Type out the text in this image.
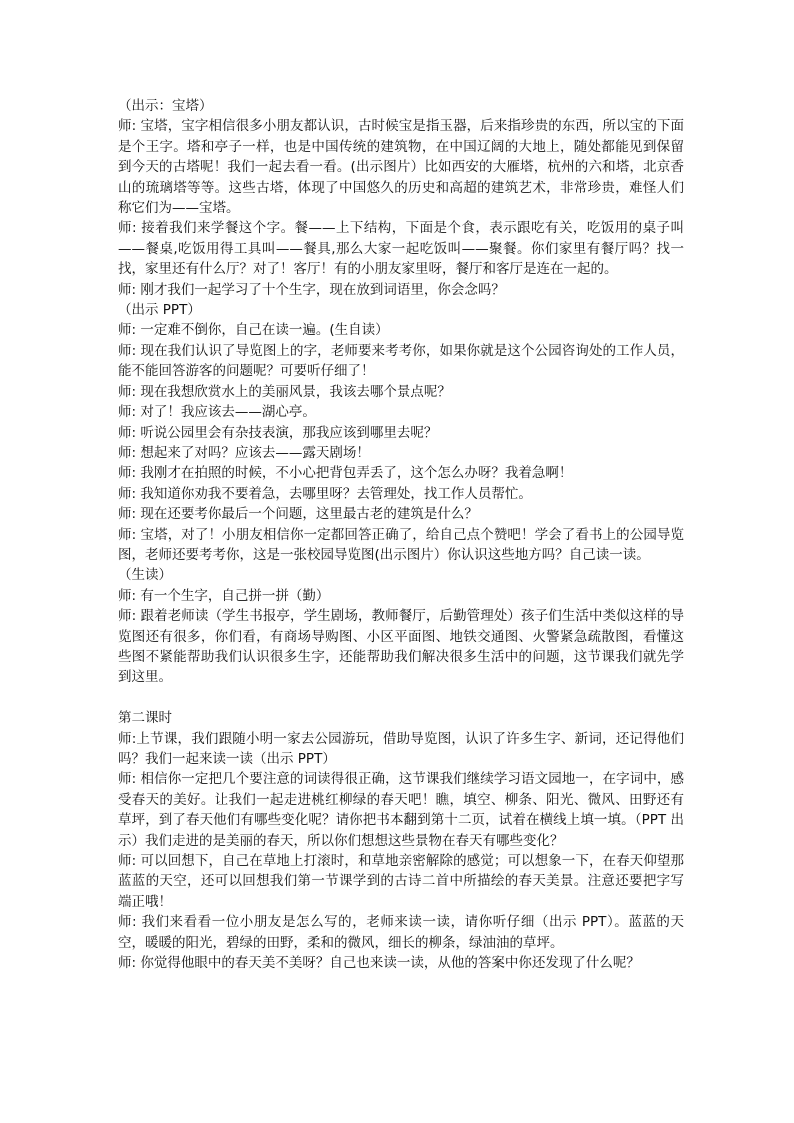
（出示：宝塔）

师: 宝塔，宝字相信很多小朋友都认识，古时候宝是指玉器，后来指珍贵的东西，所以宝的下面是个王字。塔和亭子一样，也是中国传统的建筑物，在中国辽阔的大地上，随处都能见到保留到今天的古塔呢！我们一起去看一看。(出示图片）比如西安的大雁塔，杭州的六和塔，北京香山的琉璃塔等等。这些古塔，体现了中国悠久的历史和高超的建筑艺术，非常珍贵，难怪人们称它们为——宝塔。

师: 接着我们来学餐这个字。餐——上下结构，下面是个食，表示跟吃有关，吃饭用的桌子叫——餐桌,吃饭用得工具叫——餐具,那么大家一起吃饭叫——聚餐。你们家里有餐厅吗？找一找，家里还有什么厅？对了！客厅！有的小朋友家里呀，餐厅和客厅是连在一起的。

师: 刚才我们一起学习了十个生字，现在放到词语里，你会念吗？

（出示 PPT）

师: 一定难不倒你，自己在读一遍。(生自读）

师: 现在我们认识了导览图上的字，老师要来考考你，如果你就是这个公园咨询处的工作人员，能不能回答游客的问题呢？可要听仔细了！

师: 现在我想欣赏水上的美丽风景，我该去哪个景点呢？

师: 对了！我应该去——湖心亭。

师: 听说公园里会有杂技表演，那我应该到哪里去呢？

师: 想起来了对吗？应该去——露天剧场！

师: 我刚才在拍照的时候，不小心把背包弄丢了，这个怎么办呀？我着急啊！

师: 我知道你劝我不要着急，去哪里呀？去管理处，找工作人员帮忙。

师: 现在还要考你最后一个问题，这里最古老的建筑是什么？

师: 宝塔，对了！小朋友相信你一定都回答正确了，给自己点个赞吧！学会了看书上的公园导览图，老师还要考考你，这是一张校园导览图(出示图片）你认识这些地方吗？自己读一读。

（生读）

师: 有一个生字，自己拼一拼（勤）

师: 跟着老师读（学生书报亭，学生剧场，教师餐厅，后勤管理处）孩子们生活中类似这样的导览图还有很多，你们看，有商场导购图、小区平面图、地铁交通图、火警紧急疏散图，看懂这些图不紧能帮助我们认识很多生字，还能帮助我们解决很多生活中的问题，这节课我们就先学到这里。

第二课时

师:上节课，我们跟随小明一家去公园游玩，借助导览图，认识了许多生字、新词，还记得他们吗？我们一起来读一读（出示 PPT）

师: 相信你一定把几个要注意的词读得很正确，这节课我们继续学习语文园地一，在字词中，感受春天的美好。让我们一起走进桃红柳绿的春天吧！瞧，填空、柳条、阳光、微风、田野还有草坪，到了春天他们有哪些变化呢？请你把书本翻到第十二页，试着在横线上填一填。（PPT 出示）我们走进的是美丽的春天，所以你们想想这些景物在春天有哪些变化？

师: 可以回想下，自己在草地上打滚时，和草地亲密解除的感觉；可以想象一下，在春天仰望那蓝蓝的天空，还可以回想我们第一节课学到的古诗二首中所描绘的春天美景。注意还要把字写端正哦！

师: 我们来看看一位小朋友是怎么写的，老师来读一读，请你听仔细（出示 PPT）。蓝蓝的天空，暖暖的阳光，碧绿的田野，柔和的微风，细长的柳条，绿油油的草坪。

师: 你觉得他眼中的春天美不美呀？自己也来读一读，从他的答案中你还发现了什么呢？
